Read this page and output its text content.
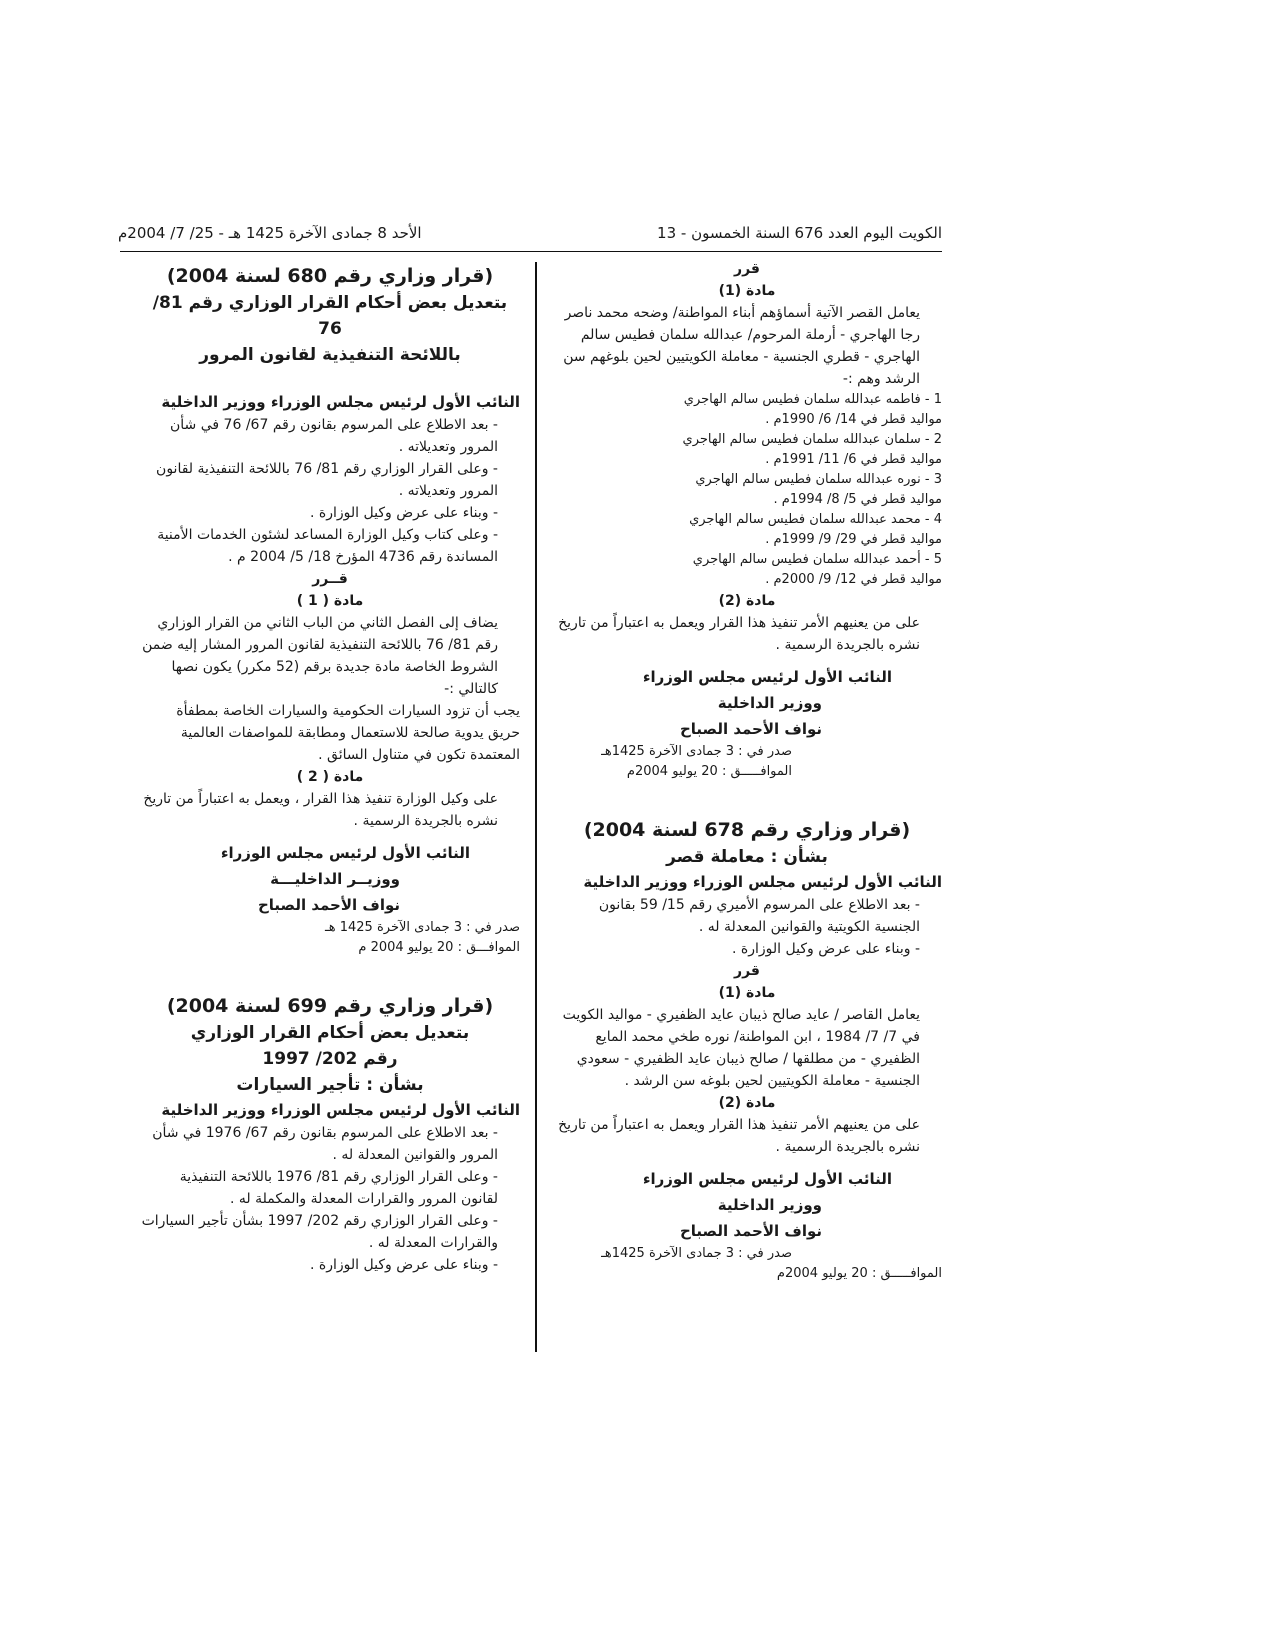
الكويت اليوم العدد 676 السنة الخمسون - 13
الأحد 8 جمادى الآخرة 1425 هـ - 25/ 7/ 2004م
قرر
مادة (1)
يعامل القصر الآتية أسماؤهم أبناء المواطنة/ وضحه محمد ناصر رجا الهاجري - أرملة المرحوم/ عبدالله سلمان فطيس سالم الهاجري - قطري الجنسية - معاملة الكويتيين لحين بلوغهم سن الرشد وهم :-
1 - فاطمه عبدالله سلمان فطيس سالم الهاجري
مواليد قطر في 14/ 6/ 1990م .
2 - سلمان عبدالله سلمان فطيس سالم الهاجري
مواليد قطر في 6/ 11/ 1991م .
3 - نوره عبدالله سلمان فطيس سالم الهاجري
مواليد قطر في 5/ 8/ 1994م .
4 - محمد عبدالله سلمان فطيس سالم الهاجري
مواليد قطر في 29/ 9/ 1999م .
5 - أحمد عبدالله سلمان فطيس سالم الهاجري
مواليد قطر في 12/ 9/ 2000م .
مادة (2)
على من يعنيهم الأمر تنفيذ هذا القرار ويعمل به اعتباراً من تاريخ نشره بالجريدة الرسمية .
النائب الأول لرئيس مجلس الوزراء
ووزير الداخلية
نواف الأحمد الصباح
صدر في : 3 جمادى الآخرة 1425هـ
الموافـــــق : 20 يوليو 2004م
(قرار وزاري رقم 678 لسنة 2004)
بشأن : معاملة قصر
النائب الأول لرئيس مجلس الوزراء ووزير الداخلية
- بعد الاطلاع على المرسوم الأميري رقم 15/ 59 بقانون الجنسية الكويتية والقوانين المعدلة له .
- وبناء على عرض وكيل الوزارة .
قرر
مادة (1)
يعامل القاصر / عايد صالح ذيبان عايد الظفيري - مواليد الكويت في 7/ 7/ 1984 ، ابن المواطنة/ نوره طخي محمد المايع الظفيري - من مطلقها / صالح ذيبان عايد الظفيري - سعودي الجنسية - معاملة الكويتيين لحين بلوغه سن الرشد .
مادة (2)
على من يعنيهم الأمر تنفيذ هذا القرار ويعمل به اعتباراً من تاريخ نشره بالجريدة الرسمية .
النائب الأول لرئيس مجلس الوزراء
ووزير الداخلية
نواف الأحمد الصباح
صدر في : 3 جمادى الآخرة 1425هـ
الموافـــــق : 20 يوليو 2004م
(قرار وزاري رقم 680 لسنة 2004)
بتعديل بعض أحكام القرار الوزاري رقم 81/ 76
باللائحة التنفيذية لقانون المرور
النائب الأول لرئيس مجلس الوزراء ووزير الداخلية
- بعد الاطلاع على المرسوم بقانون رقم 67/ 76 في شأن المرور وتعديلاته .
- وعلى القرار الوزاري رقم 81/ 76 باللائحة التنفيذية لقانون المرور وتعديلاته .
- وبناء على عرض وكيل الوزارة .
- وعلى كتاب وكيل الوزارة المساعد لشئون الخدمات الأمنية المساندة رقم 4736 المؤرخ 18/ 5/ 2004 م .
قــرر
مادة ( 1 )
يضاف إلى الفصل الثاني من الباب الثاني من القرار الوزاري رقم 81/ 76 باللائحة التنفيذية لقانون المرور المشار إليه ضمن الشروط الخاصة مادة جديدة برقم (52 مكرر) يكون نصها كالتالي :-
يجب أن تزود السيارات الحكومية والسيارات الخاصة بمطفأة حريق يدوية صالحة للاستعمال ومطابقة للمواصفات العالمية المعتمدة تكون في متناول السائق .
مادة ( 2 )
على وكيل الوزارة تنفيذ هذا القرار ، ويعمل به اعتباراً من تاريخ نشره بالجريدة الرسمية .
النائب الأول لرئيس مجلس الوزراء
ووزيــر الداخليـــة
نواف الأحمد الصباح
صدر في : 3 جمادى الآخرة 1425 هـ
الموافـــق : 20 يوليو 2004 م
(قرار وزاري رقم 699 لسنة 2004)
بتعديل بعض أحكام القرار الوزاري
رقم 202/ 1997
بشأن : تأجير السيارات
النائب الأول لرئيس مجلس الوزراء ووزير الداخلية
- بعد الاطلاع على المرسوم بقانون رقم 67/ 1976 في شأن المرور والقوانين المعدلة له .
- وعلى القرار الوزاري رقم 81/ 1976 باللائحة التنفيذية لقانون المرور والقرارات المعدلة والمكملة له .
- وعلى القرار الوزاري رقم 202/ 1997 بشأن تأجير السيارات والقرارات المعدلة له .
- وبناء على عرض وكيل الوزارة .
